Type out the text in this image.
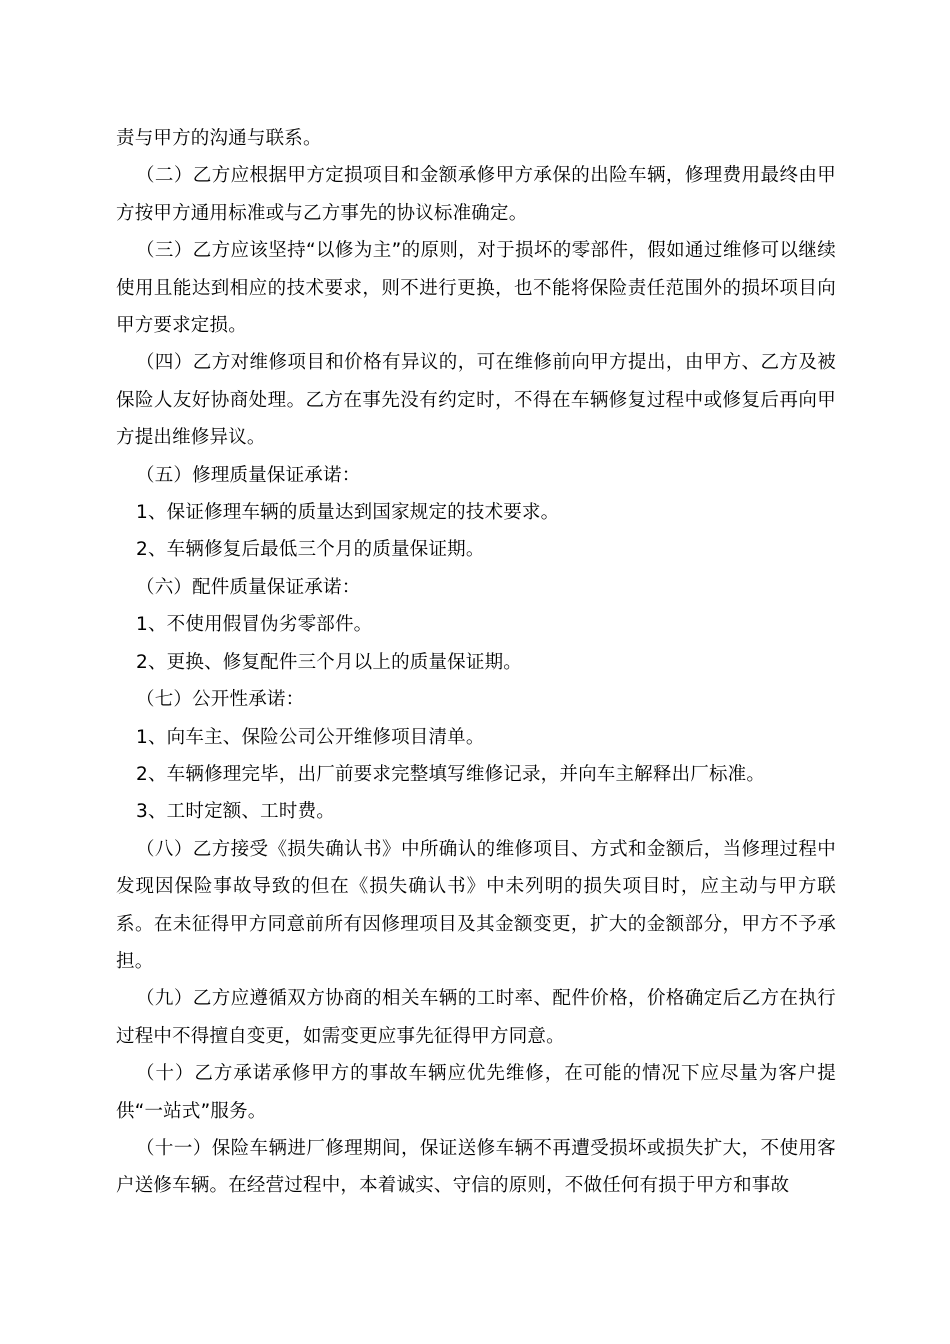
责与甲方的沟通与联系。

（二）乙方应根据甲方定损项目和金额承修甲方承保的出险车辆，修理费用最终由甲方按甲方通用标准或与乙方事先的协议标准确定。

（三）乙方应该坚持“以修为主”的原则，对于损坏的零部件，假如通过维修可以继续使用且能达到相应的技术要求，则不进行更换，也不能将保险责任范围外的损坏项目向甲方要求定损。

（四）乙方对维修项目和价格有异议的，可在维修前向甲方提出，由甲方、乙方及被保险人友好协商处理。乙方在事先没有约定时，不得在车辆修复过程中或修复后再向甲方提出维修异议。

（五）修理质量保证承诺：

1、保证修理车辆的质量达到国家规定的技术要求。

2、车辆修复后最低三个月的质量保证期。

（六）配件质量保证承诺：

1、不使用假冒伪劣零部件。

2、更换、修复配件三个月以上的质量保证期。

（七）公开性承诺：

1、向车主、保险公司公开维修项目清单。

2、车辆修理完毕，出厂前要求完整填写维修记录，并向车主解释出厂标准。

3、工时定额、工时费。

（八）乙方接受《损失确认书》中所确认的维修项目、方式和金额后，当修理过程中发现因保险事故导致的但在《损失确认书》中未列明的损失项目时，应主动与甲方联系。在未征得甲方同意前所有因修理项目及其金额变更，扩大的金额部分，甲方不予承担。

（九）乙方应遵循双方协商的相关车辆的工时率、配件价格，价格确定后乙方在执行过程中不得擅自变更，如需变更应事先征得甲方同意。

（十）乙方承诺承修甲方的事故车辆应优先维修，在可能的情况下应尽量为客户提供“一站式”服务。

（十一）保险车辆进厂修理期间，保证送修车辆不再遭受损坏或损失扩大，不使用客户送修车辆。在经营过程中，本着诚实、守信的原则，不做任何有损于甲方和事故
